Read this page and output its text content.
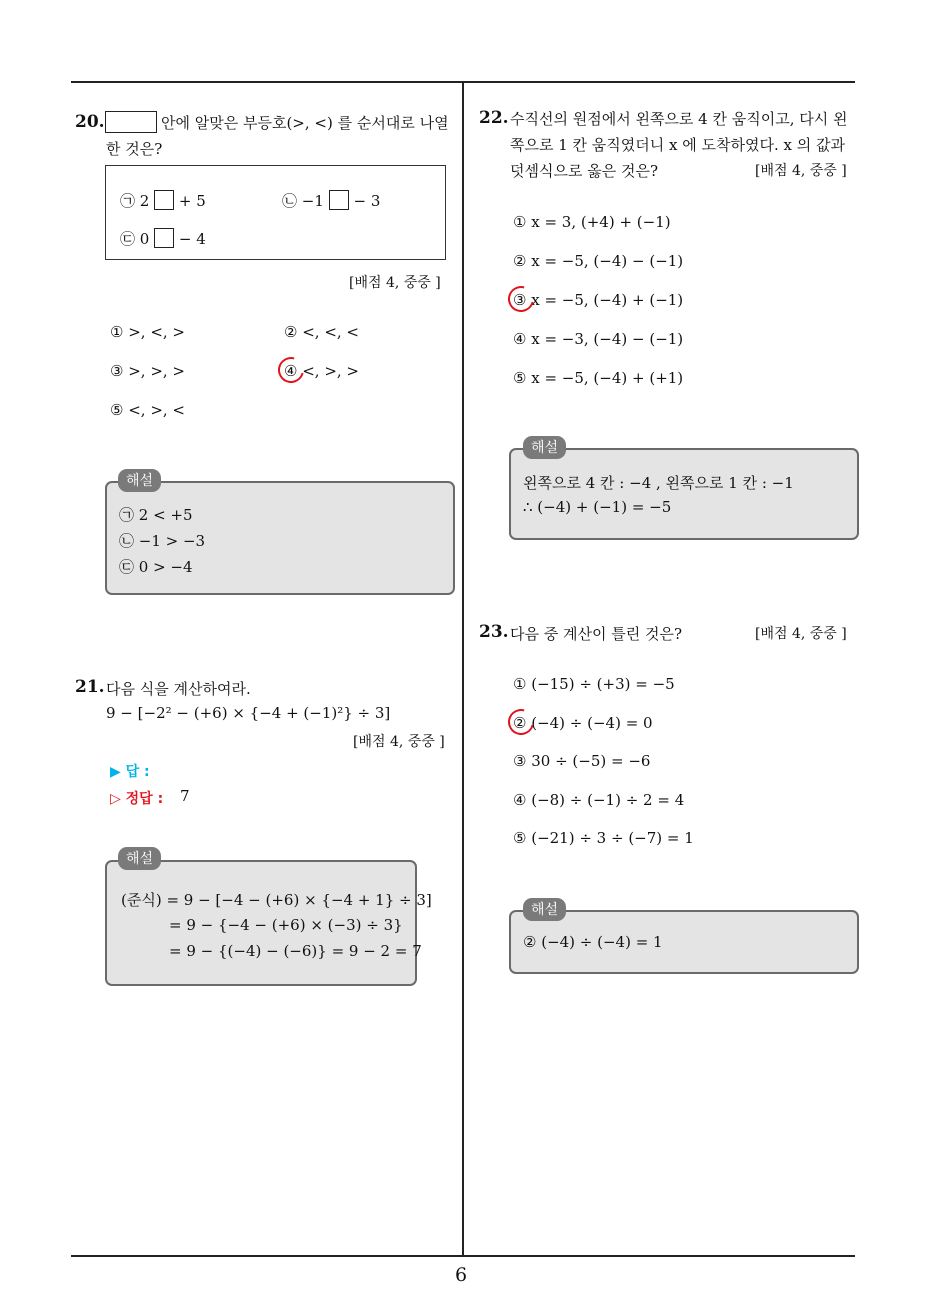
6
20.	안에 알맞은 부등호(>, <) 를 순서대로 나열
한 것은?
㉠ 2 + 5	㉡ −1 − 3
㉢ 0 − 4
[배점 4, 중중 ]
① >, <, >	② <, <, <
③ >, >, >	④ <, >, >
⑤ <, >, <
㉠ 2 < +5
㉡ −1 > −3
㉢ 0 > −4
해설
21. 다음 식을 계산하여라.
9 − [−2² − (+6) × {−4 + (−1)²} ÷ 3]
[배점 4, 중중 ]
▶ 답 :
▷ 정답 : 7
(준식) = 9 − [−4 − (+6) × {−4 + 1} ÷ 3]
= 9 − {−4 − (+6) × (−3) ÷ 3}
= 9 − {(−4) − (−6)} = 9 − 2 = 7
해설
22. 수직선의 원점에서 왼쪽으로 4 칸 움직이고, 다시 왼
쪽으로 1 칸 움직였더니 x 에 도착하였다. x 의 값과
덧셈식으로 옳은 것은?	[배점 4, 중중 ]
① x = 3, (+4) + (−1)
② x = −5, (−4) − (−1)
③ x = −5, (−4) + (−1)
④ x = −3, (−4) − (−1)
⑤ x = −5, (−4) + (+1)
왼쪽으로 4 칸 : −4 , 왼쪽으로 1 칸 : −1
∴ (−4) + (−1) = −5
해설
23. 다음 중 계산이 틀린 것은?	[배점 4, 중중 ]
① (−15) ÷ (+3) = −5
② (−4) ÷ (−4) = 0
③ 30 ÷ (−5) = −6
④ (−8) ÷ (−1) ÷ 2 = 4
⑤ (−21) ÷ 3 ÷ (−7) = 1
② (−4) ÷ (−4) = 1
해설
